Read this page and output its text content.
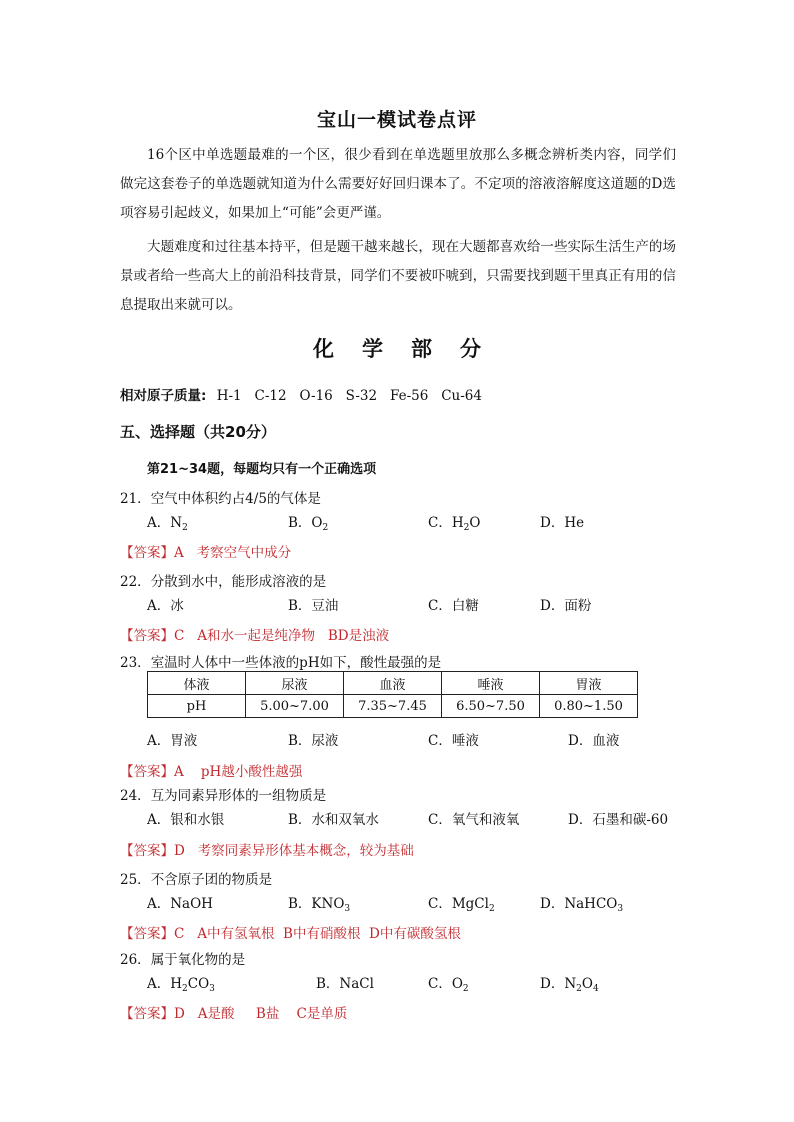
宝山一模试卷点评
16个区中单选题最难的一个区，很少看到在单选题里放那么多概念辨析类内容，同学们做完这套卷子的单选题就知道为什么需要好好回归课本了。不定项的溶液溶解度这道题的D选项容易引起歧义，如果加上“可能”会更严谨。
大题难度和过往基本持平，但是题干越来越长，现在大题都喜欢给一些实际生活生产的场景或者给一些高大上的前沿科技背景，同学们不要被吓唬到，只需要找到题干里真正有用的信息提取出来就可以。
化学部分
相对原子质量: H-1   C-12   O-16   S-32   Fe-56   Cu-64
五、选择题（共20分）
第21~34题，每题均只有一个正确选项
21．空气中体积约占4/5的气体是
A．$N_2$	B．$O_2$	C．$H_2O$	D．He
【答案】A   考察空气中成分
22．分散到水中，能形成溶液的是
A．冰	B．豆油	C．白糖	D．面粉
【答案】C   A和水一起是纯净物   BD是浊液
23．室温时人体中一些体液的pH如下，酸性最强的是
体液	尿液	血液	唾液	胃液
pH	5.00~7.00	7.35~7.45	6.50~7.50	0.80~1.50
A．胃液	B．尿液	C．唾液	D．血液
【答案】A    pH越小酸性越强
24．互为同素异形体的一组物质是
A．银和水银	B．水和双氧水	C．氧气和液氧	D．石墨和碳-60
【答案】D   考察同素异形体基本概念，较为基础
25．不含原子团的物质是
A．NaOH	B．$KNO_3$	C．MgCl$_2$	D．NaHCO$_3$
【答案】C   A中有氢氧根  B中有硝酸根  D中有碳酸氢根
26．属于氧化物的是
A．$H_2CO_3$	B．NaCl	C．$O_2$	D．$N_2O_4$
【答案】D   A是酸     B盐    C是单质
